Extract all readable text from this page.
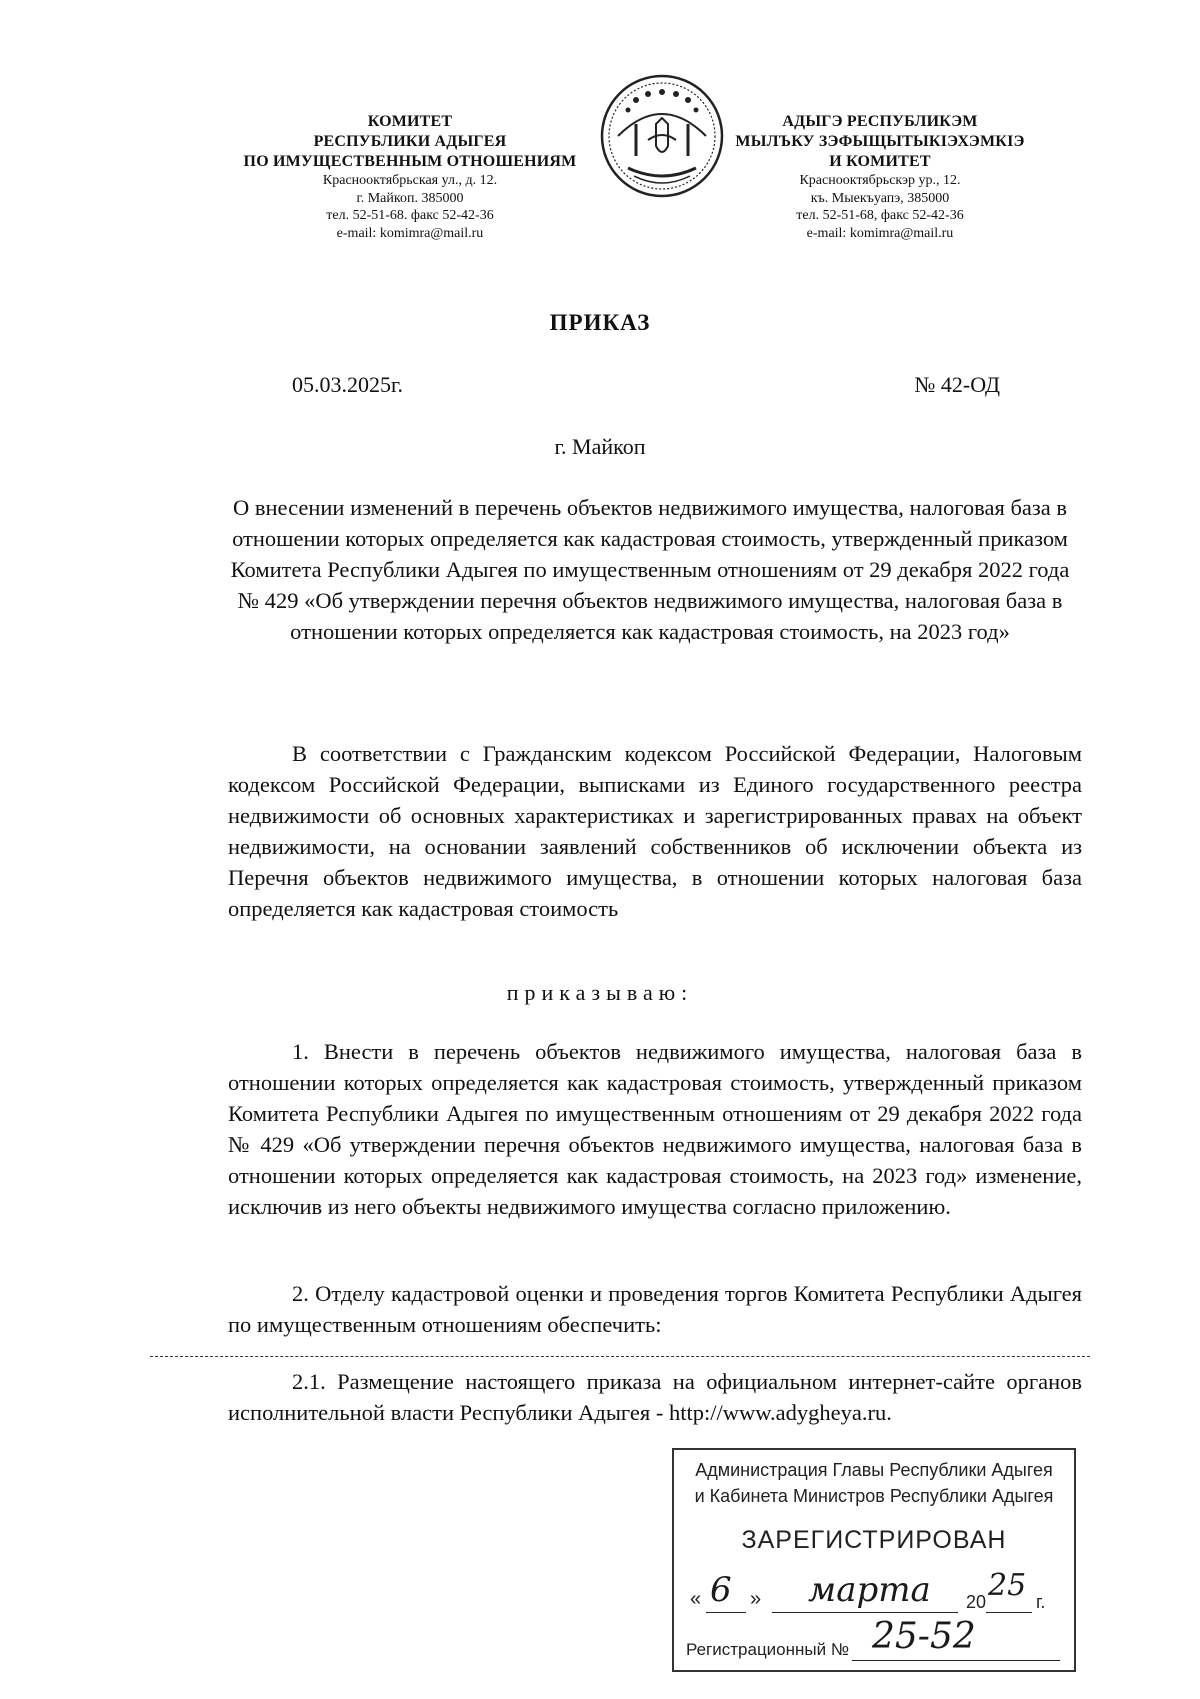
КОМИТЕТ
РЕСПУБЛИКИ АДЫГЕЯ
ПО ИМУЩЕСТВЕННЫМ ОТНОШЕНИЯМ
Краснооктябрьская ул., д. 12.
г. Майкоп. 385000
тел. 52-51-68. факс 52-42-36
e-mail: komimra@mail.ru
АДЫГЭ РЕСПУБЛИКЭМ
МЫЛЪКУ ЗЭФЫЩЫТЫКIЭХЭМКIЭ
И КОМИТЕТ
Краснооктябрьскэр ур., 12.
къ. Мыекъуапэ, 385000
тел. 52-51-68, факс 52-42-36
e-mail: komimra@mail.ru
ПРИКАЗ
05.03.2025г.	№ 42-ОД
г. Майкоп
О внесении изменений в перечень объектов недвижимого имущества, налоговая база в отношении которых определяется как кадастровая стоимость, утвержденный приказом Комитета Республики Адыгея по имущественным отношениям от 29 декабря 2022 года № 429 «Об утверждении перечня объектов недвижимого имущества, налоговая база в отношении которых определяется как кадастровая стоимость, на 2023 год»
В соответствии с Гражданским кодексом Российской Федерации, Налоговым кодексом Российской Федерации, выписками из Единого государственного реестра недвижимости об основных характеристиках и зарегистрированных правах на объект недвижимости, на основании заявлений собственников об исключении объекта из Перечня объектов недвижимого имущества, в отношении которых налоговая база определяется как кадастровая стоимость
приказываю:
1. Внести в перечень объектов недвижимого имущества, налоговая база в отношении которых определяется как кадастровая стоимость, утвержденный приказом Комитета Республики Адыгея по имущественным отношениям от 29 декабря 2022 года № 429 «Об утверждении перечня объектов недвижимого имущества, налоговая база в отношении которых определяется как кадастровая стоимость, на 2023 год» изменение, исключив из него объекты недвижимого имущества согласно приложению.
2. Отделу кадастровой оценки и проведения торгов Комитета Республики Адыгея по имущественным отношениям обеспечить:
2.1. Размещение настоящего приказа на официальном интернет-сайте органов исполнительной власти Республики Адыгея - http://www.adygheya.ru.
Администрация Главы Республики Адыгея
и Кабинета Министров Республики Адыгея
ЗАРЕГИСТРИРОВАН
« 6 » марта 20 25 г.
Регистрационный № 25-52
